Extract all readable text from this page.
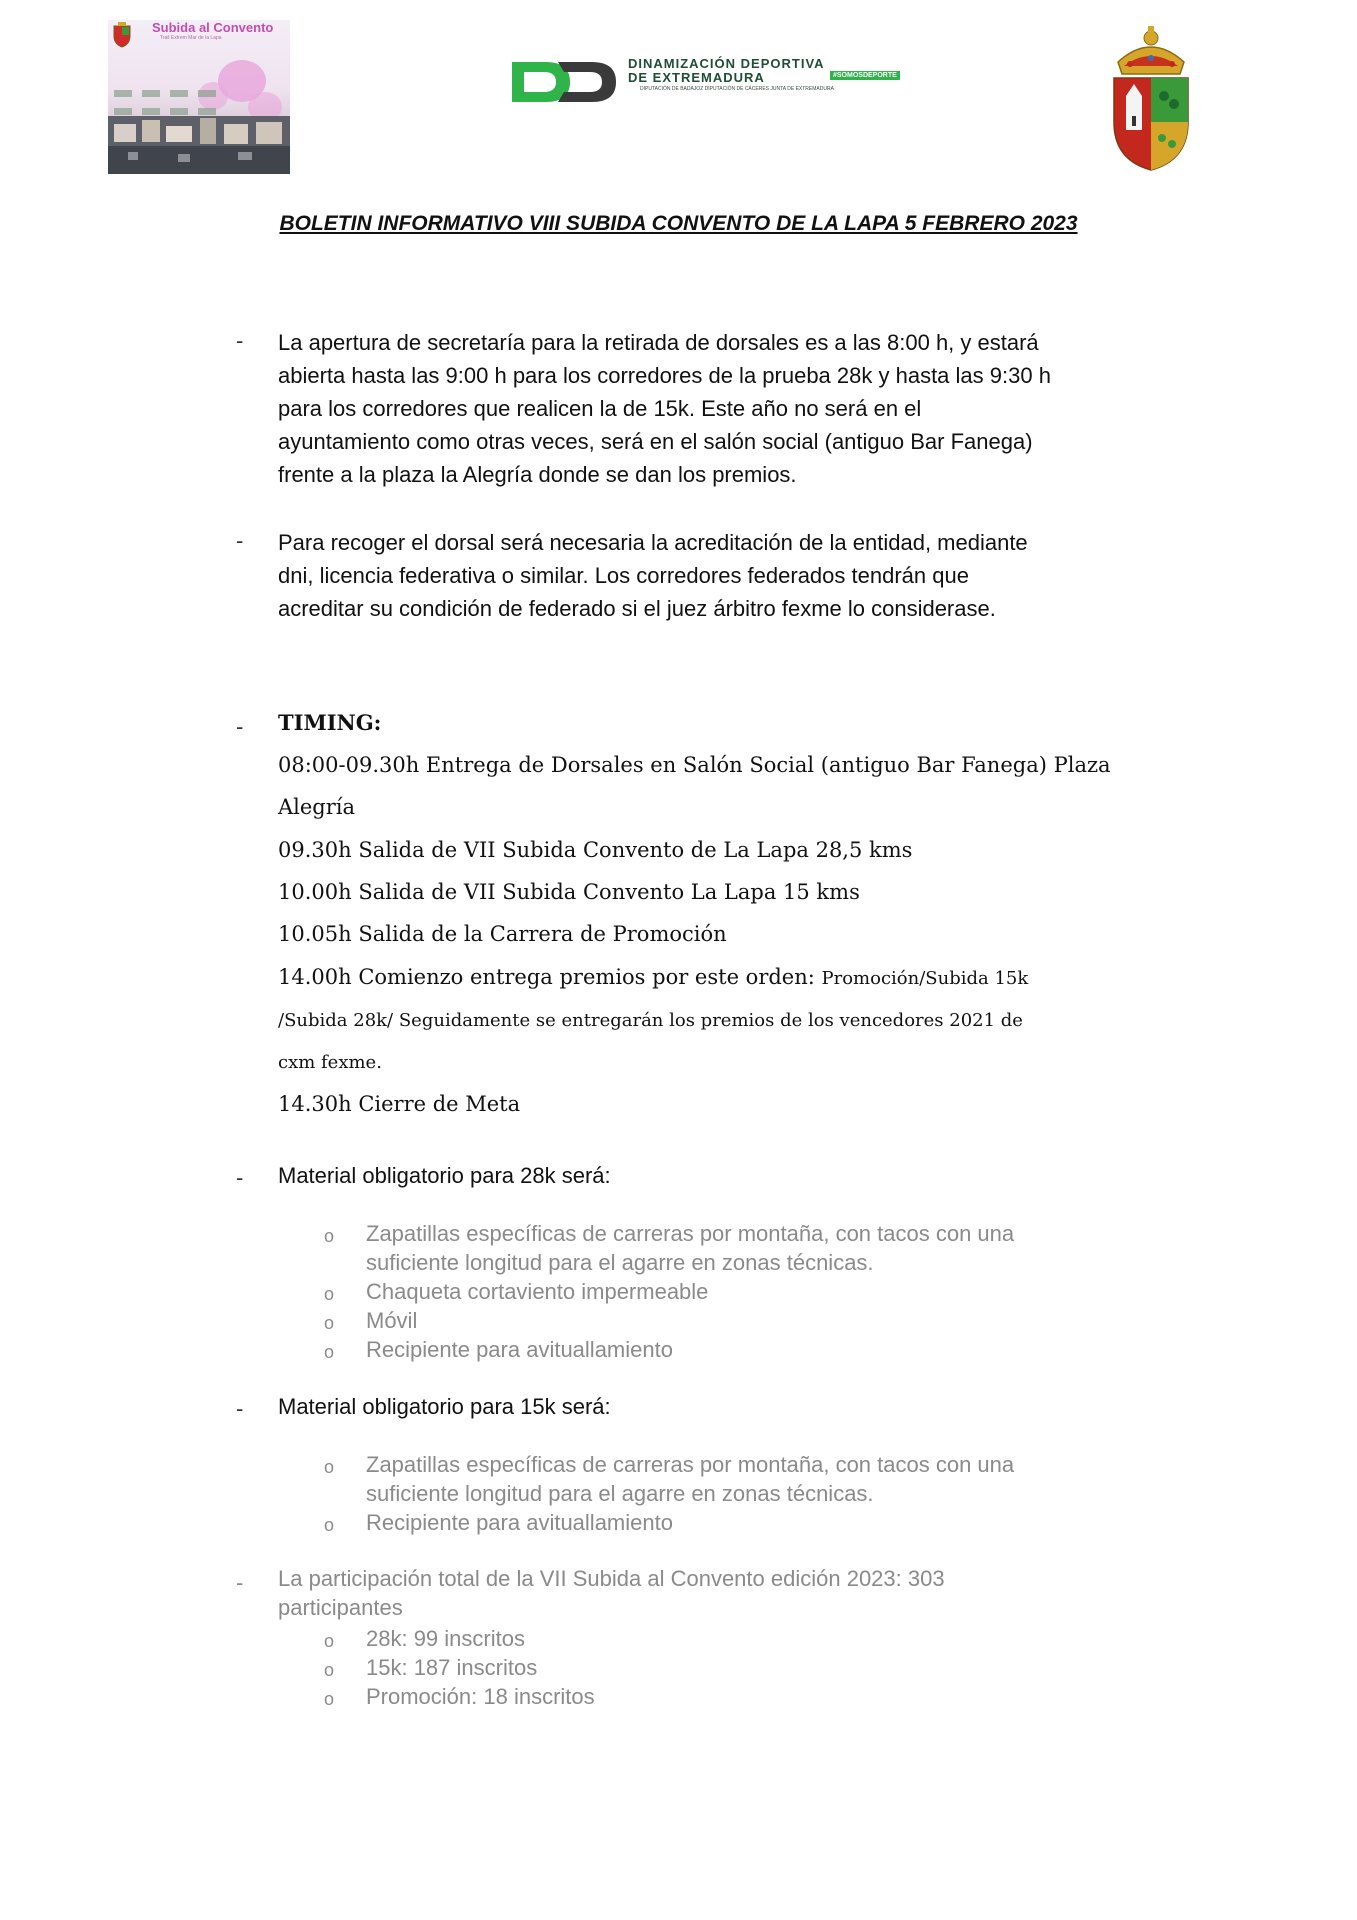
Subida al Convento
Trail Extrem Mar de la Lapa
DINAMIZACIÓN DEPORTIVA
DE EXTREMADURA	#SOMOSDEPORTE
DIPUTACIÓN DE BADAJOZ DIPUTACIÓN DE CÁCERES JUNTA DE EXTREMADURA
BOLETIN INFORMATIVO VIII SUBIDA CONVENTO DE LA LAPA 5 FEBRERO 2023
- La apertura de secretaría para la retirada de dorsales es a las 8:00 h, y estará
abierta hasta las 9:00 h para los corredores de la prueba 28k y hasta las 9:30 h
para los corredores que realicen la de 15k. Este año no será en el
ayuntamiento como otras veces, será en el salón social (antiguo Bar Fanega)
frente a la plaza la Alegría donde se dan los premios.
- Para recoger el dorsal será necesaria la acreditación de la entidad, mediante
dni, licencia federativa o similar. Los corredores federados tendrán que
acreditar su condición de federado si el juez árbitro fexme lo considerase.
- TIMING:
08:00-09.30h Entrega de Dorsales en Salón Social (antiguo Bar Fanega) Plaza
Alegría
09.30h Salida de VII Subida Convento de La Lapa 28,5 kms
10.00h Salida de VII Subida Convento La Lapa 15 kms
10.05h Salida de la Carrera de Promoción
14.00h Comienzo entrega premios por este orden: Promoción/Subida 15k
/Subida 28k/ Seguidamente se entregarán los premios de los vencedores 2021 de
cxm fexme.
14.30h Cierre de Meta
- Material obligatorio para 28k será:
o Zapatillas específicas de carreras por montaña, con tacos con una
suficiente longitud para el agarre en zonas técnicas.
o Chaqueta cortaviento impermeable
o Móvil
o Recipiente para avituallamiento
- Material obligatorio para 15k será:
o Zapatillas específicas de carreras por montaña, con tacos con una
suficiente longitud para el agarre en zonas técnicas.
o Recipiente para avituallamiento
- La participación total de la VII Subida al Convento edición 2023: 303
participantes
o 28k: 99 inscritos
o 15k: 187 inscritos
o Promoción: 18 inscritos
